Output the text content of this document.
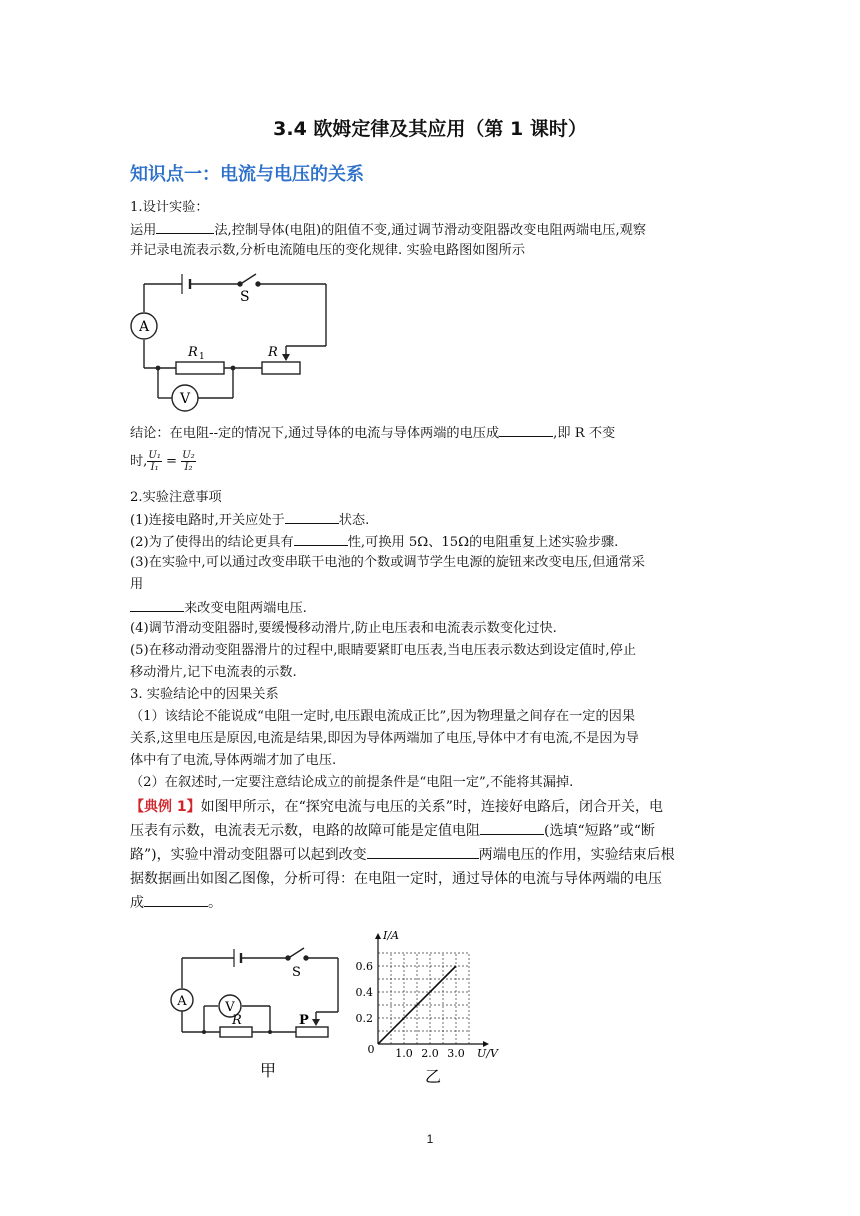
3.4 欧姆定律及其应用（第 1 课时）
知识点一：电流与电压的关系
1.设计实验：
运用	法,控制导体(电阻)的阻值不变,通过调节滑动变阻器改变电阻两端电压,观察
并记录电流表示数,分析电流随电压的变化规律. 实验电路图如图所示
A
V
S
R 1	R
结论：在电阻--定的情况下,通过导体的电流与导体两端的电压成	,即 R 不变
时, $\frac{\text{U₁}}{\text{I₁}} = \frac{\text{U₂}}{\text{I₂}}$
2.实验注意事项
(1)连接电路时,开关应处于	状态.
(2)为了使得出的结论更具有	性,可换用 5Ω、15Ω的电阻重复上述实验步骤.
(3)在实验中,可以通过改变串联干电池的个数或调节学生电源的旋钮来改变电压,但通常采
用
来改变电阻两端电压.
(4)调节滑动变阻器时,要缓慢移动滑片,防止电压表和电流表示数变化过快.
(5)在移动滑动变阻器滑片的过程中,眼睛要紧盯电压表,当电压表示数达到设定值时,停止
移动滑片,记下电流表的示数.
3. 实验结论中的因果关系
（1）该结论不能说成“电阻一定时,电压跟电流成正比”,因为物理量之间存在一定的因果
关系,这里电压是原因,电流是结果,即因为导体两端加了电压,导体中才有电流,不是因为导
体中有了电流,导体两端才加了电压.
（2）在叙述时,一定要注意结论成立的前提条件是“电阻一定”,不能将其漏掉.
【典例 1】如图甲所示，在“探究电流与电压的关系”时，连接好电路后，闭合开关，电
压表有示数，电流表无示数，电路的故障可能是定值电阻	(选填“短路”或“断
路”)，实验中滑动变阻器可以起到改变	两端电压的作用，实验结束后根
据数据画出如图乙图像，分析可得：在电阻一定时，通过导体的电流与导体两端的电压
成	。
A	V
S
R	P
甲
1.0 2.0 3.0
0.2
0.4
0.6
0	U/V
I/A
乙
1
